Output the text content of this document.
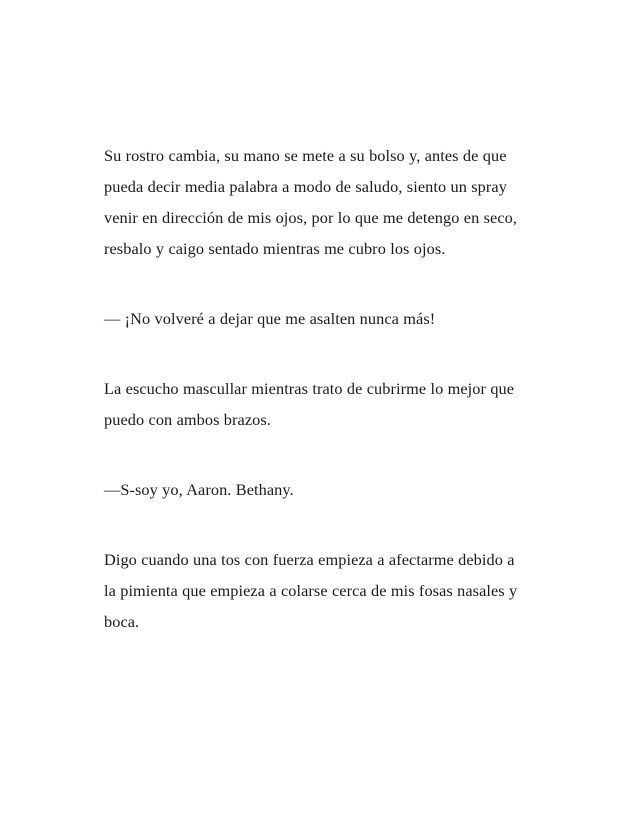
Su rostro cambia, su mano se mete a su bolso y, antes de que pueda decir media palabra a modo de saludo, siento un spray venir en dirección de mis ojos, por lo que me detengo en seco, resbalo y caigo sentado mientras me cubro los ojos.

— ¡No volveré a dejar que me asalten nunca más!

La escucho mascullar mientras trato de cubrirme lo mejor que puedo con ambos brazos.

—S-soy yo, Aaron. Bethany.

Digo cuando una tos con fuerza empieza a afectarme debido a la pimienta que empieza a colarse cerca de mis fosas nasales y boca.
